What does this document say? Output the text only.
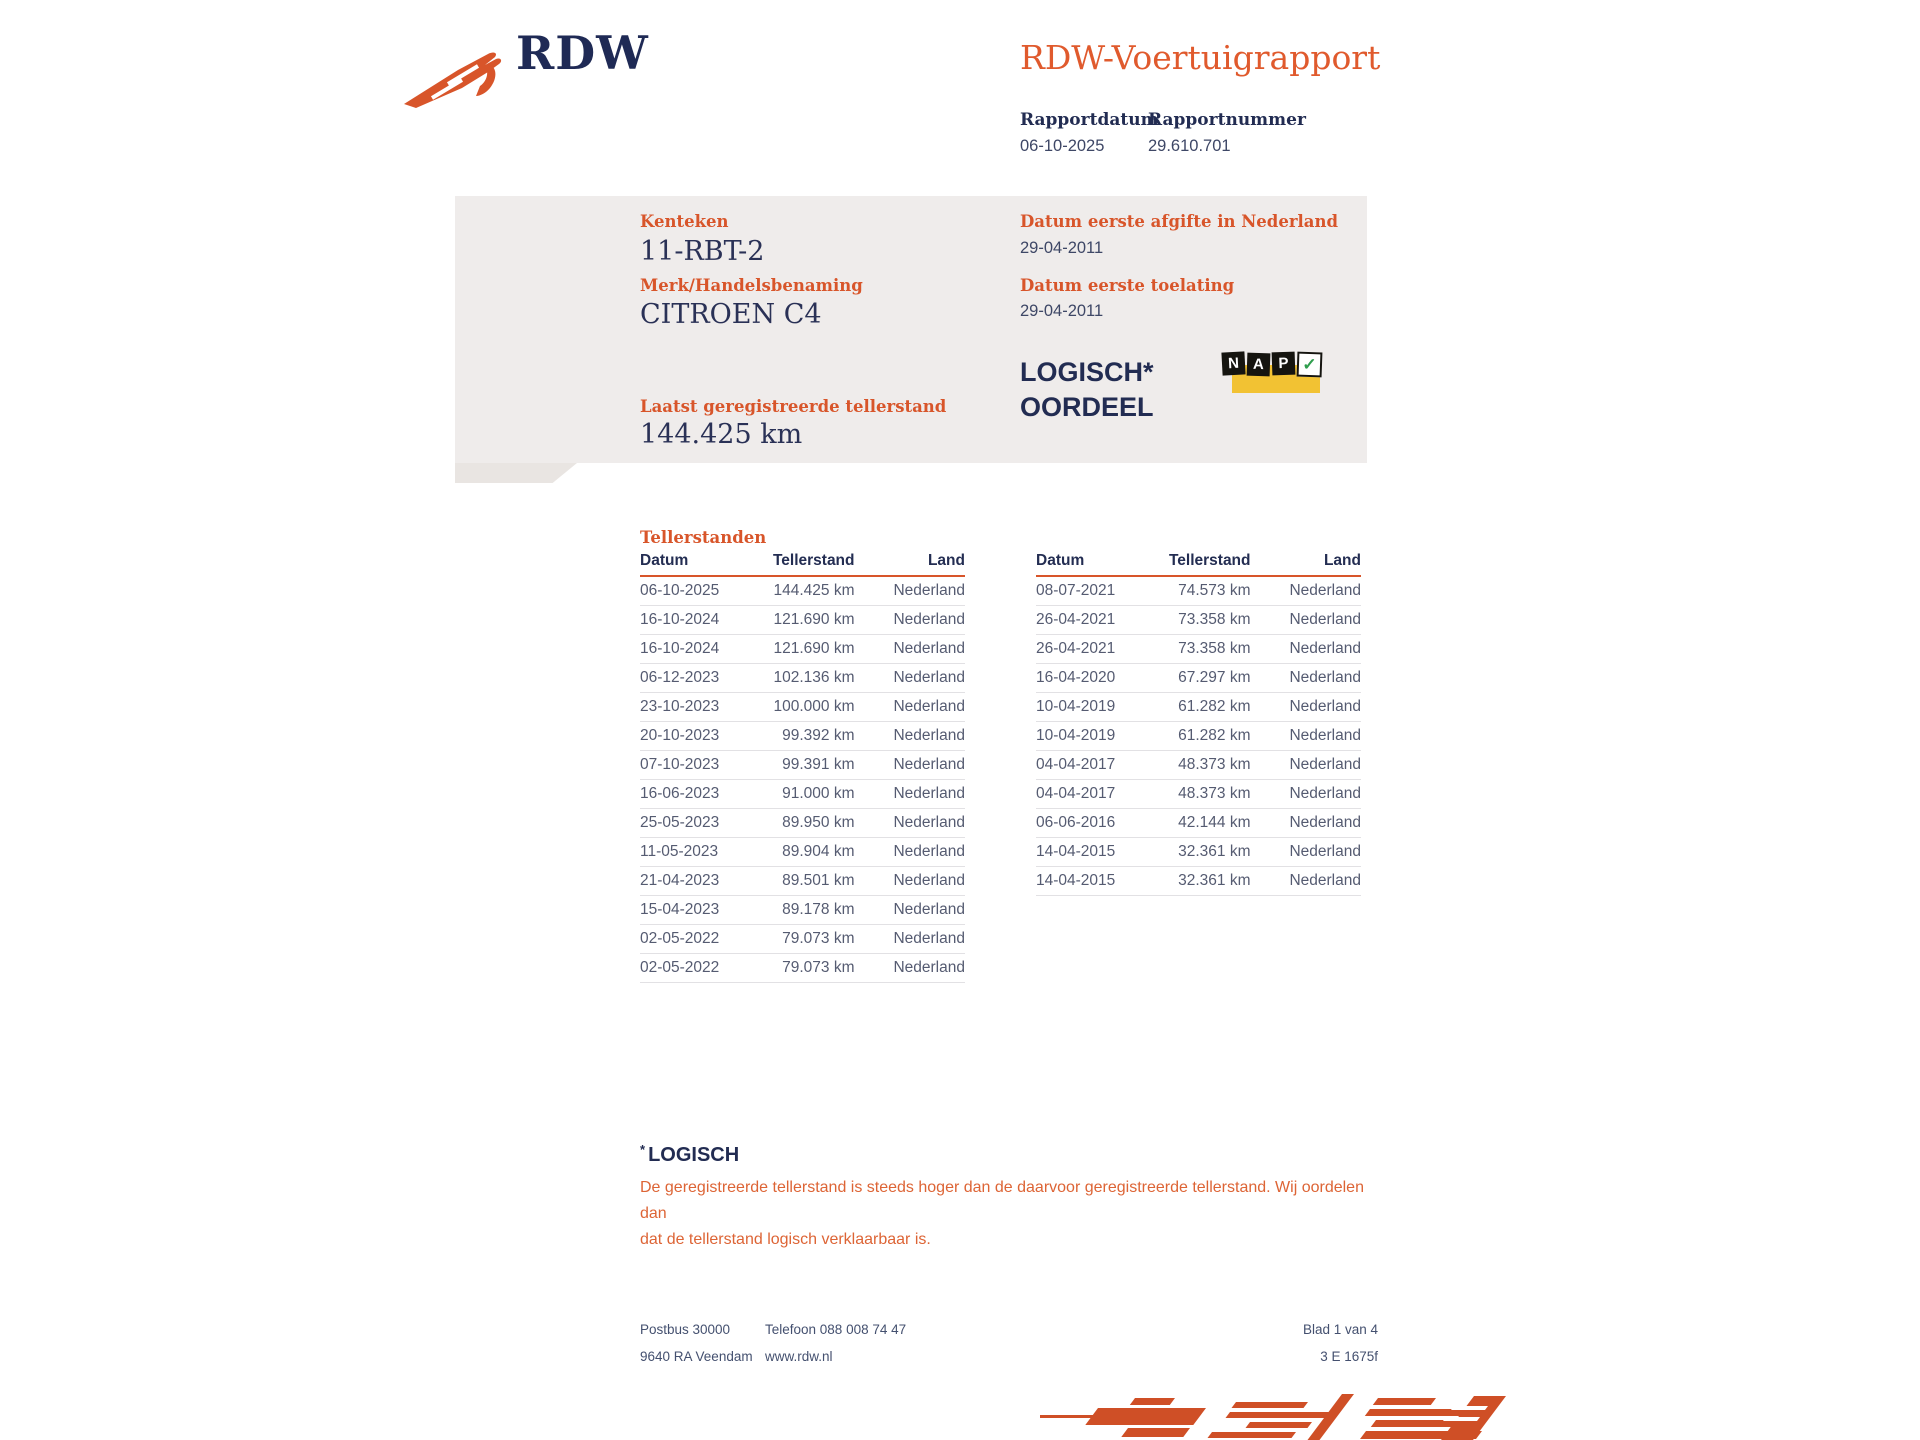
RDW	RDW-Voertuigrapport
Rapportdatum
06-10-2025
Rapportnummer
29.610.701
Kenteken
11-RBT-2
Merk/Handelsbenaming
CITROEN C4
Laatst geregistreerde tellerstand
144.425 km
Datum eerste afgifte in Nederland
29-04-2011
Datum eerste toelating
29-04-2011
LOGISCH*
OORDEEL
N A P ✓
Tellerstanden
Datum	Tellerstand	Land
06-10-2025	144.425 km	Nederland
16-10-2024	121.690 km	Nederland
16-10-2024	121.690 km	Nederland
06-12-2023	102.136 km	Nederland
23-10-2023	100.000 km	Nederland
20-10-2023	99.392 km	Nederland
07-10-2023	99.391 km	Nederland
16-06-2023	91.000 km	Nederland
25-05-2023	89.950 km	Nederland
11-05-2023	89.904 km	Nederland
21-04-2023	89.501 km	Nederland
15-04-2023	89.178 km	Nederland
02-05-2022	79.073 km	Nederland
02-05-2022	79.073 km	Nederland
Datum	Tellerstand	Land
08-07-2021	74.573 km	Nederland
26-04-2021	73.358 km	Nederland
26-04-2021	73.358 km	Nederland
16-04-2020	67.297 km	Nederland
10-04-2019	61.282 km	Nederland
10-04-2019	61.282 km	Nederland
04-04-2017	48.373 km	Nederland
04-04-2017	48.373 km	Nederland
06-06-2016	42.144 km	Nederland
14-04-2015	32.361 km	Nederland
14-04-2015	32.361 km	Nederland
* LOGISCH
De geregistreerde tellerstand is steeds hoger dan de daarvoor geregistreerde tellerstand. Wij oordelen dan
dat de tellerstand logisch verklaarbaar is.
Postbus 30000
9640 RA Veendam
Telefoon 088 008 74 47
www.rdw.nl
Blad 1 van 4
3 E 1675f
